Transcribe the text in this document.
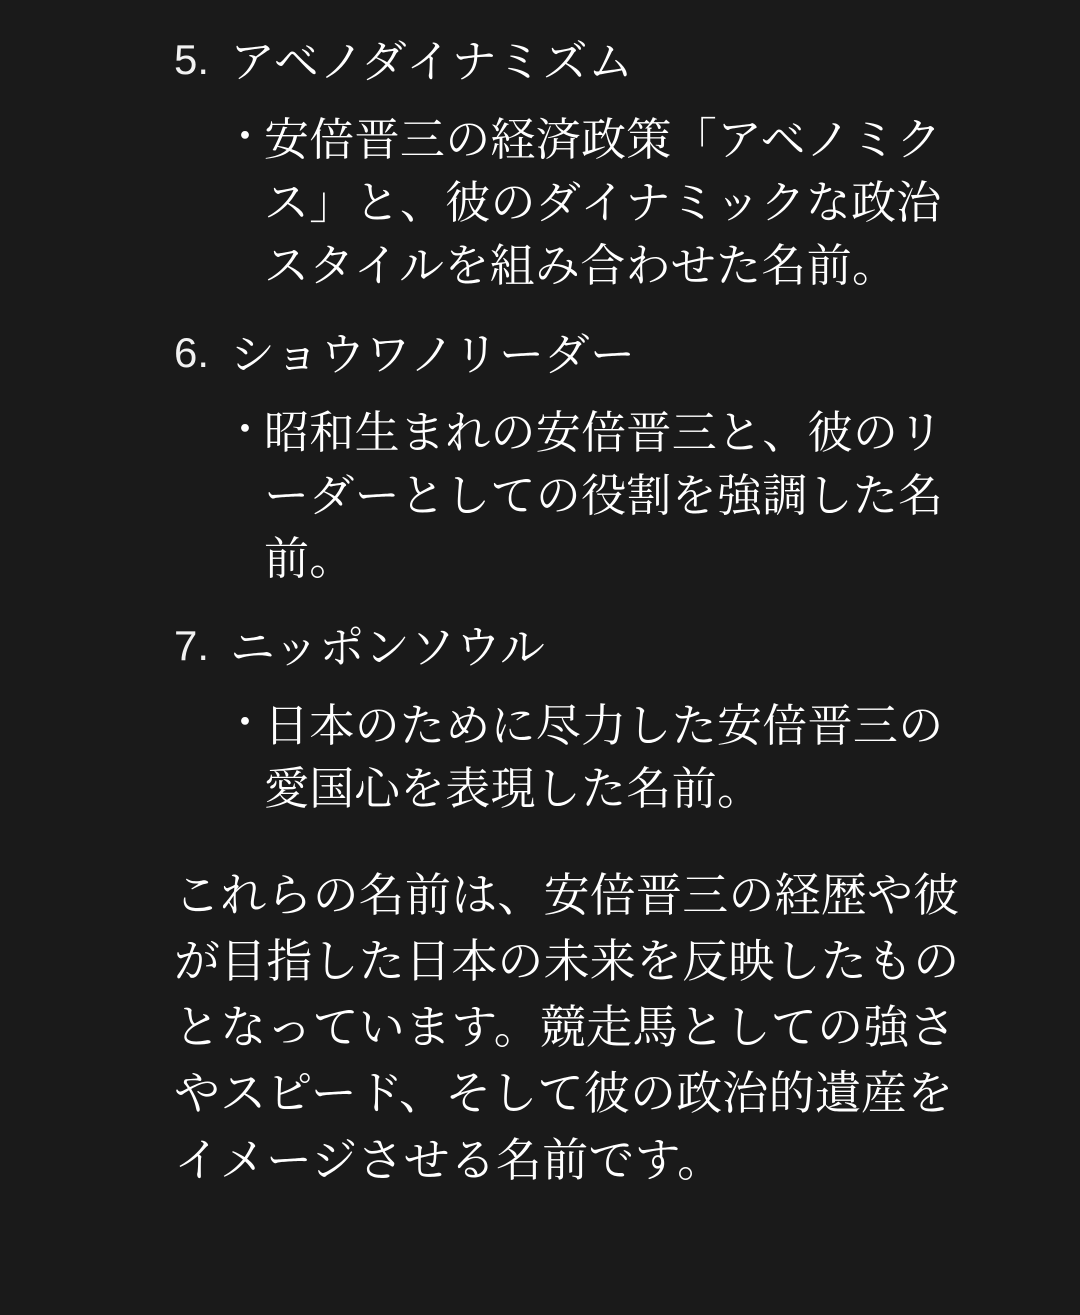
5. アベノダイナミズム
・
安倍晋三の経済政策「アベノミクス」と、彼のダイナミックな政治スタイルを組み合わせた名前。
6. ショウワノリーダー
・
昭和生まれの安倍晋三と、彼のリーダーとしての役割を強調した名前。
7. ニッポンソウル
・
日本のために尽力した安倍晋三の愛国心を表現した名前。

これらの名前は、安倍晋三の経歴や彼が目指した日本の未来を反映したものとなっています。競走馬としての強さやスピード、そして彼の政治的遺産をイメージさせる名前です。
